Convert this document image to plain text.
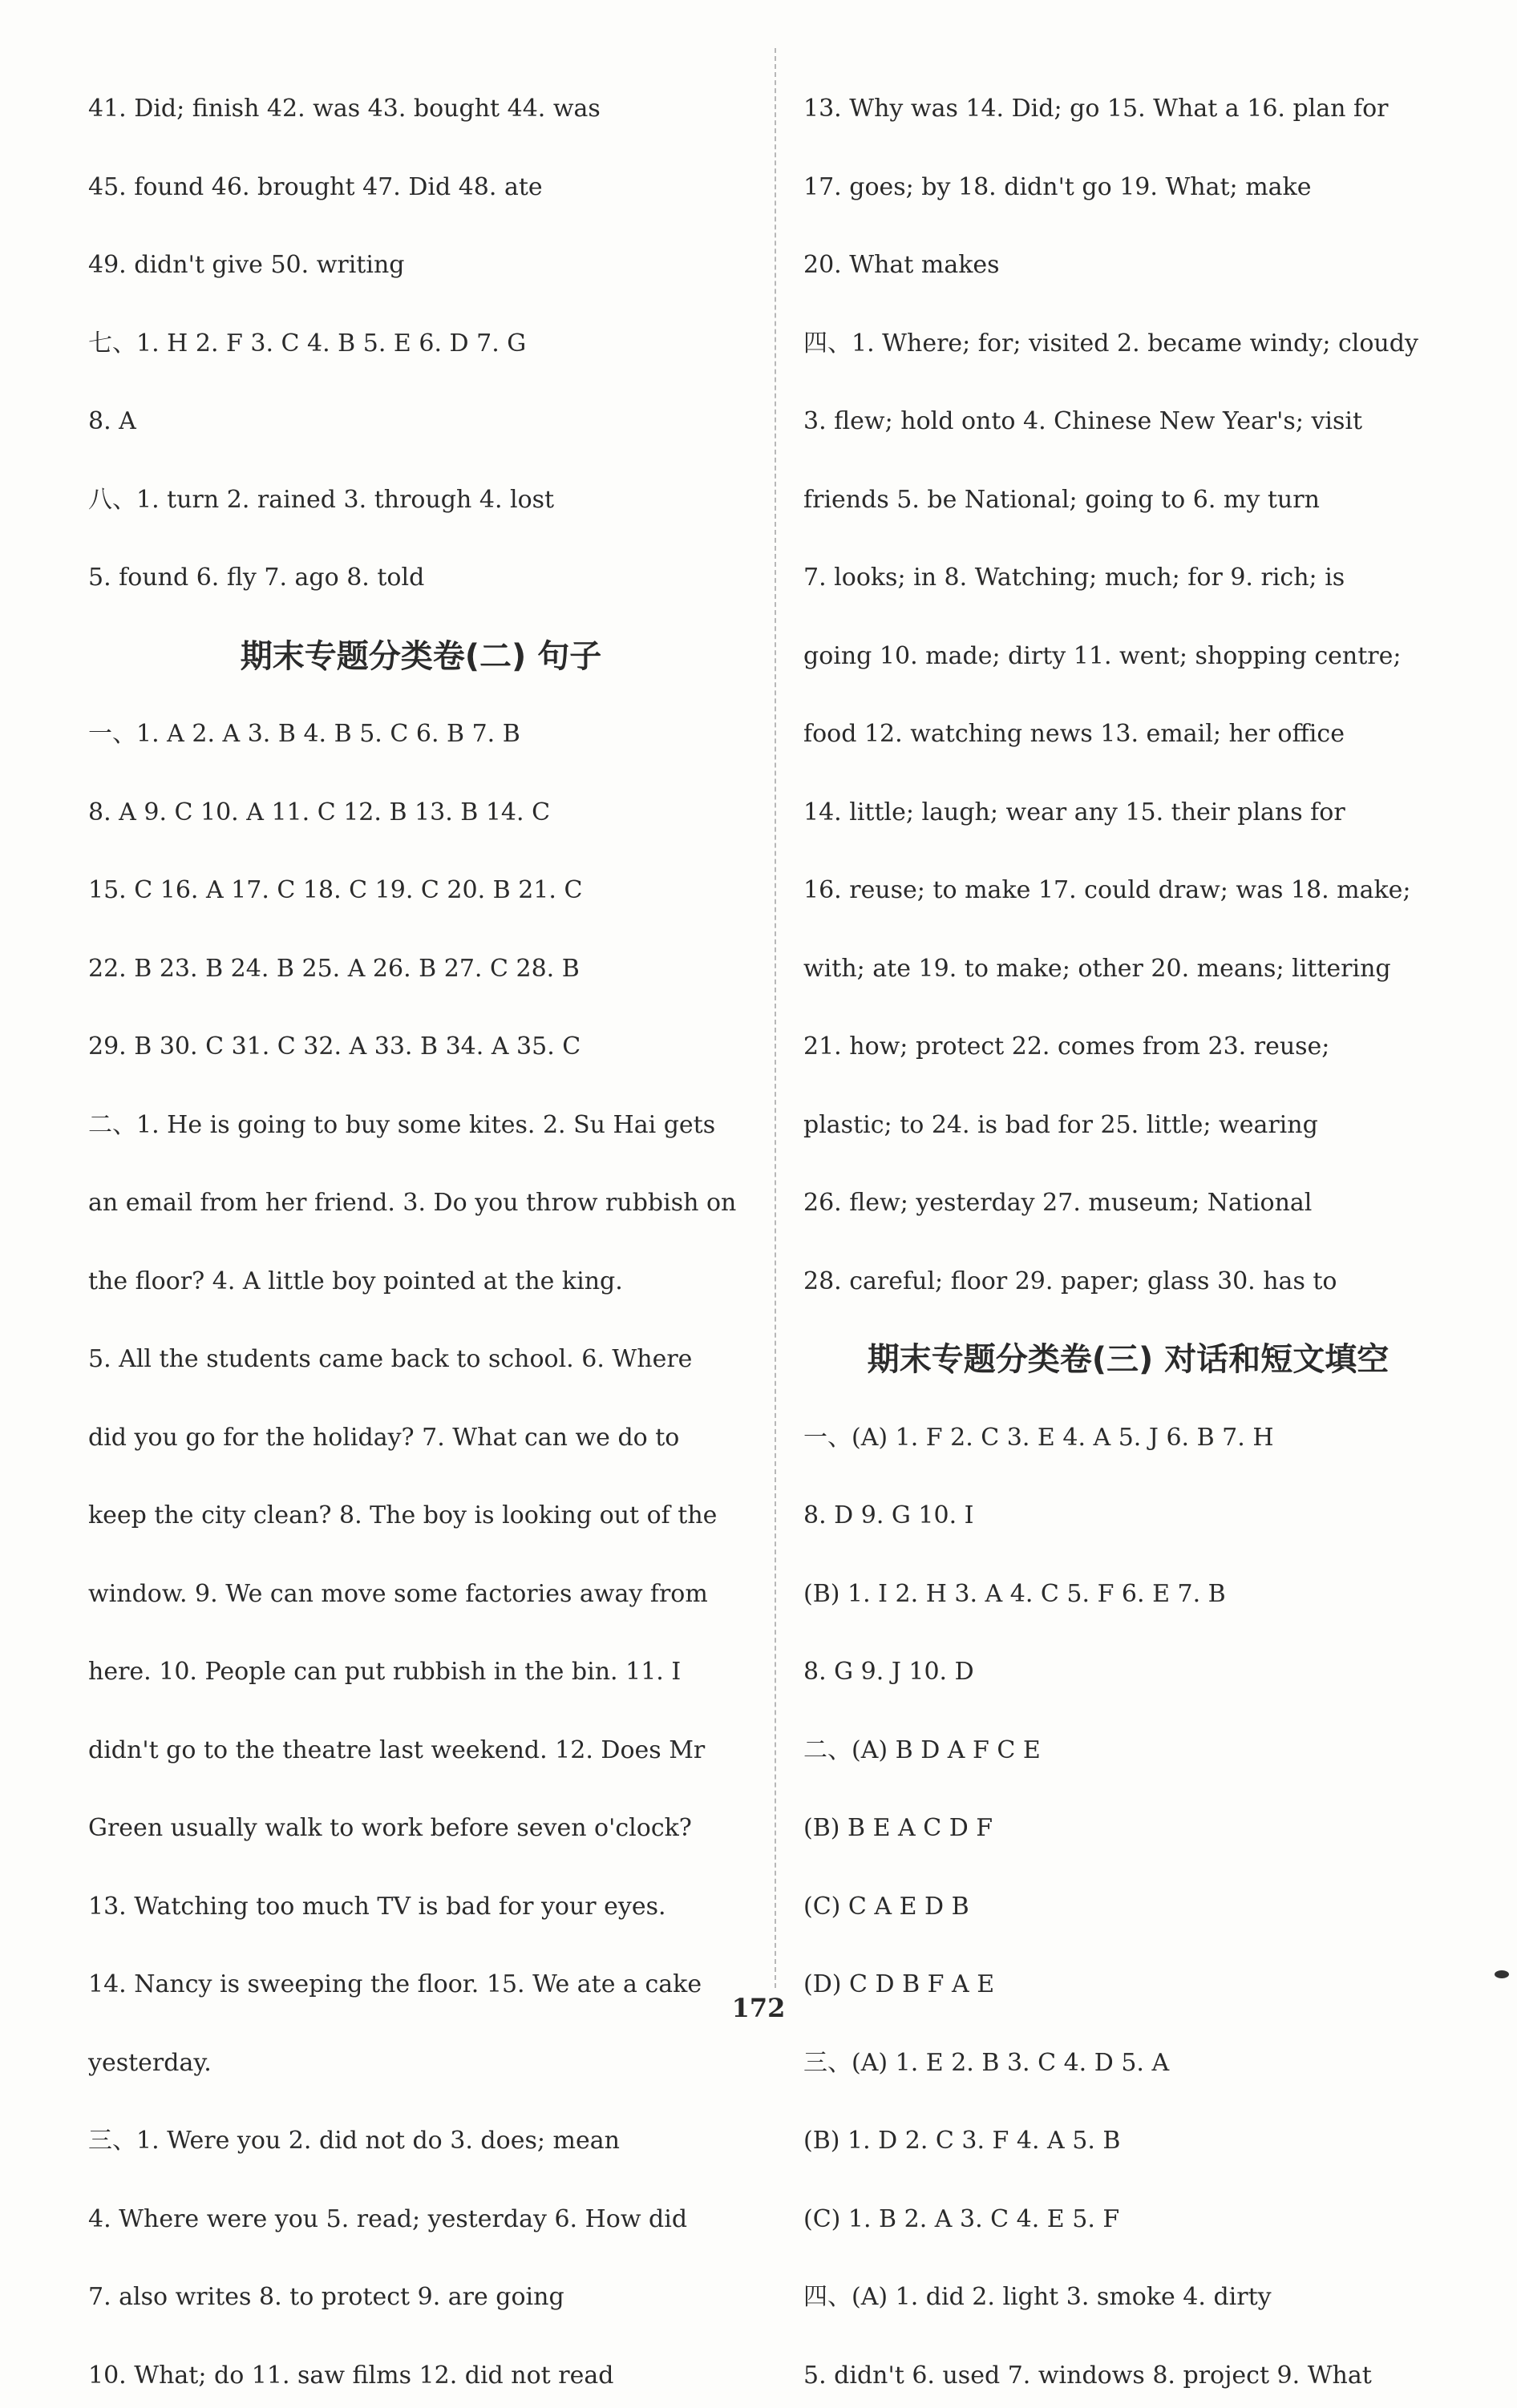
41. Did; finish 42. was 43. bought 44. was
45. found 46. brought 47. Did 48. ate
49. didn't give 50. writing
七、1. H 2. F 3. C 4. B 5. E 6. D 7. G
8. A
八、1. turn 2. rained 3. through 4. lost
5. found 6. fly 7. ago 8. told
期末专题分类卷(二) 句子
一、1. A 2. A 3. B 4. B 5. C 6. B 7. B
8. A 9. C 10. A 11. C 12. B 13. B 14. C
15. C 16. A 17. C 18. C 19. C 20. B 21. C
22. B 23. B 24. B 25. A 26. B 27. C 28. B
29. B 30. C 31. C 32. A 33. B 34. A 35. C
二、1. He is going to buy some kites. 2. Su Hai gets
an email from her friend. 3. Do you throw rubbish on
the floor? 4. A little boy pointed at the king.
5. All the students came back to school. 6. Where
did you go for the holiday? 7. What can we do to
keep the city clean? 8. The boy is looking out of the
window. 9. We can move some factories away from
here. 10. People can put rubbish in the bin. 11. I
didn't go to the theatre last weekend. 12. Does Mr
Green usually walk to work before seven o'clock?
13. Watching too much TV is bad for your eyes.
14. Nancy is sweeping the floor. 15. We ate a cake
yesterday.
三、1. Were you 2. did not do 3. does; mean
4. Where were you 5. read; yesterday 6. How did
7. also writes 8. to protect 9. are going
10. What; do 11. saw films 12. did not read
13. Why was 14. Did; go 15. What a 16. plan for
17. goes; by 18. didn't go 19. What; make
20. What makes
四、1. Where; for; visited 2. became windy; cloudy
3. flew; hold onto 4. Chinese New Year's; visit
friends 5. be National; going to 6. my turn
7. looks; in 8. Watching; much; for 9. rich; is
going 10. made; dirty 11. went; shopping centre;
food 12. watching news 13. email; her office
14. little; laugh; wear any 15. their plans for
16. reuse; to make 17. could draw; was 18. make;
with; ate 19. to make; other 20. means; littering
21. how; protect 22. comes from 23. reuse;
plastic; to 24. is bad for 25. little; wearing
26. flew; yesterday 27. museum; National
28. careful; floor 29. paper; glass 30. has to
期末专题分类卷(三) 对话和短文填空
一、(A) 1. F 2. C 3. E 4. A 5. J 6. B 7. H
8. D 9. G 10. I
(B) 1. I 2. H 3. A 4. C 5. F 6. E 7. B
8. G 9. J 10. D
二、(A) B D A F C E
(B) B E A C D F
(C) C A E D B
(D) C D B F A E
三、(A) 1. E 2. B 3. C 4. D 5. A
(B) 1. D 2. C 3. F 4. A 5. B
(C) 1. B 2. A 3. C 4. E 5. F
四、(A) 1. did 2. light 3. smoke 4. dirty
5. didn't 6. used 7. windows 8. project 9. What
172
